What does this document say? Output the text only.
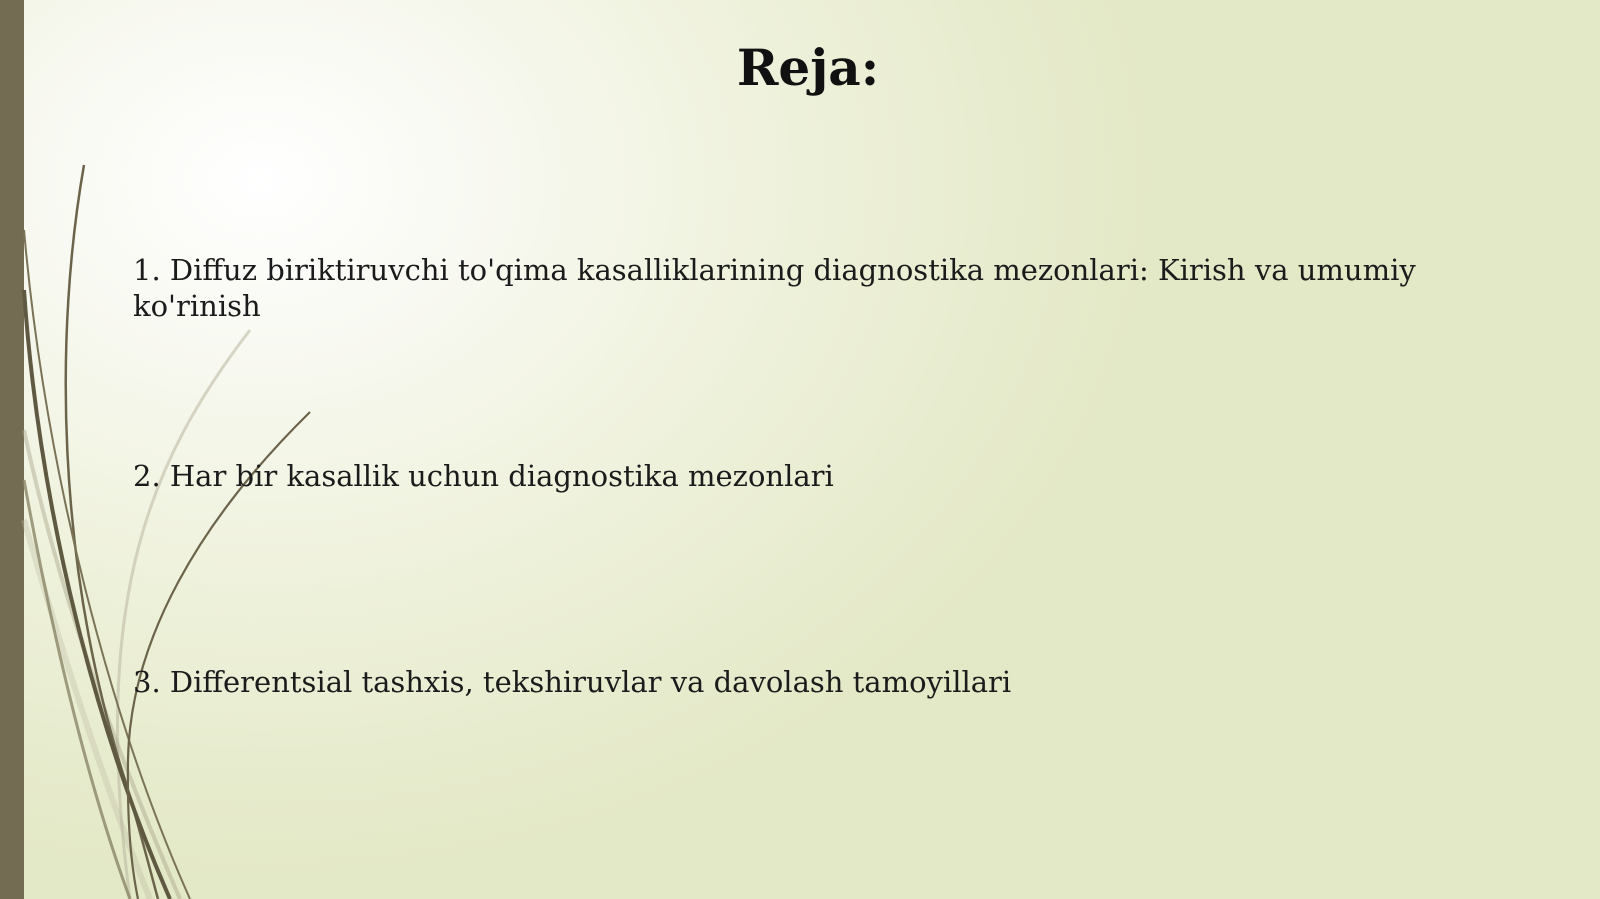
Reja:
1. Diffuz biriktiruvchi to'qima kasalliklarining diagnostika mezonlari: Kirish va umumiy ko'rinish
2. Har bir kasallik uchun diagnostika mezonlari
3. Differentsial tashxis, tekshiruvlar va davolash tamoyillari
